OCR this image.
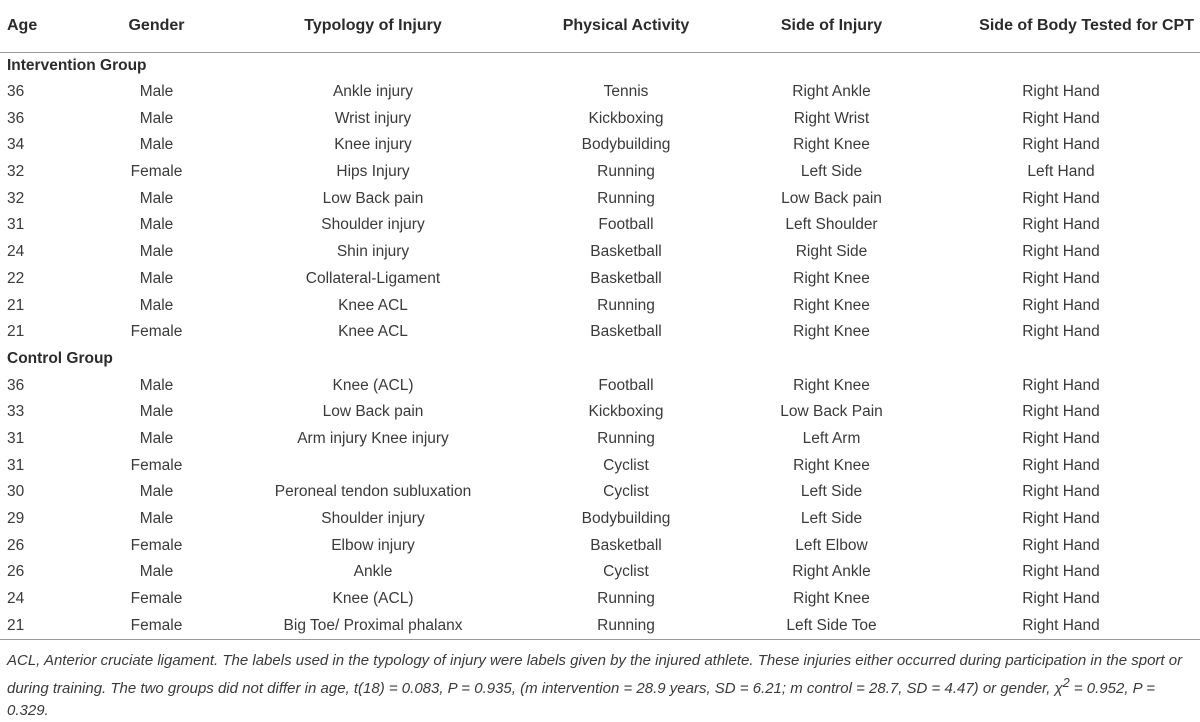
Age	Gender	Typology of Injury	Physical Activity	Side of Injury	Side of Body Tested for CPT
Intervention Group					
36	Male	Ankle injury	Tennis	Right Ankle	Right Hand
36	Male	Wrist injury	Kickboxing	Right Wrist	Right Hand
34	Male	Knee injury	Bodybuilding	Right Knee	Right Hand
32	Female	Hips Injury	Running	Left Side	Left Hand
32	Male	Low Back pain	Running	Low Back pain	Right Hand
31	Male	Shoulder injury	Football	Left Shoulder	Right Hand
24	Male	Shin injury	Basketball	Right Side	Right Hand
22	Male	Collateral-Ligament	Basketball	Right Knee	Right Hand
21	Male	Knee ACL	Running	Right Knee	Right Hand
21	Female	Knee ACL	Basketball	Right Knee	Right Hand
Control Group					
36	Male	Knee (ACL)	Football	Right Knee	Right Hand
33	Male	Low Back pain	Kickboxing	Low Back Pain	Right Hand
31	Male	Arm injury Knee injury	Running	Left Arm	Right Hand
31	Female		Cyclist	Right Knee	Right Hand
30	Male	Peroneal tendon subluxation	Cyclist	Left Side	Right Hand
29	Male	Shoulder injury	Bodybuilding	Left Side	Right Hand
26	Female	Elbow injury	Basketball	Left Elbow	Right Hand
26	Male	Ankle	Cyclist	Right Ankle	Right Hand
24	Female	Knee (ACL)	Running	Right Knee	Right Hand
21	Female	Big Toe/ Proximal phalanx	Running	Left Side Toe	Right Hand
ACL, Anterior cruciate ligament. The labels used in the typology of injury were labels given by the injured athlete. These injuries either occurred during participation in the sport or during training. The two groups did not differ in age, t(18) = 0.083, P = 0.935, (m intervention = 28.9 years, SD = 6.21; m control = 28.7, SD = 4.47) or gender, $\chi^2 = 0.952$, P = 0.329.
